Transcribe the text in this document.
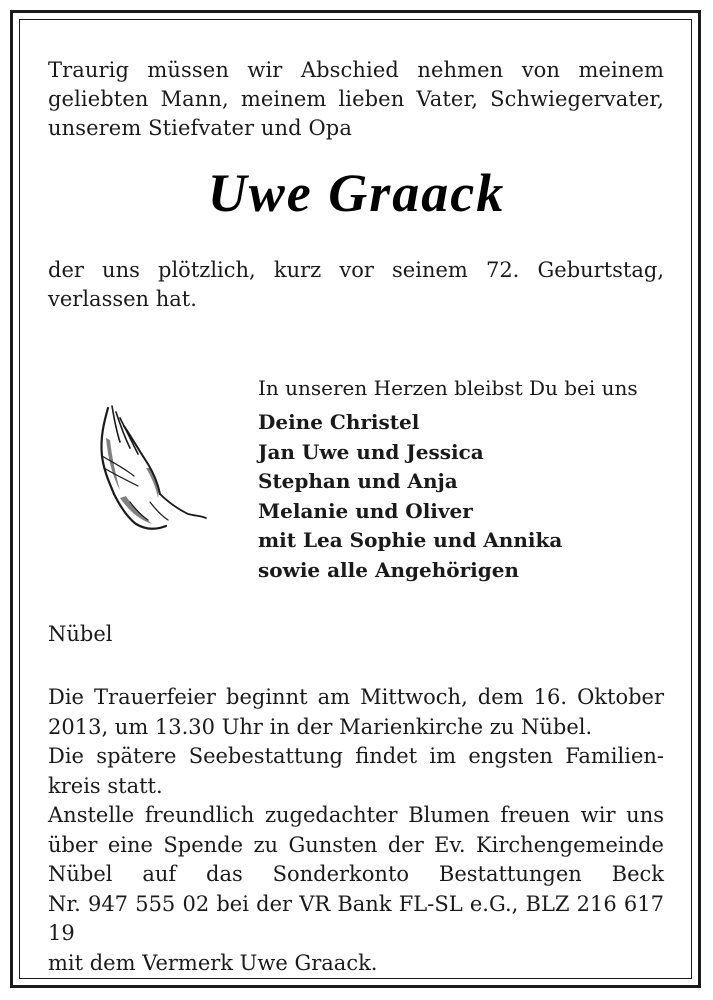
Traurig müssen wir Abschied nehmen von meinem
geliebten Mann, meinem lieben Vater, Schwiegervater,
unserem Stiefvater und Opa
Uwe Graack
der uns plötzlich, kurz vor seinem 72. Geburtstag,
verlassen hat.
In unseren Herzen bleibst Du bei uns
Deine Christel
Jan Uwe und Jessica
Stephan und Anja
Melanie und Oliver
mit Lea Sophie und Annika
sowie alle Angehörigen
Nübel
Die Trauerfeier beginnt am Mittwoch, dem 16. Oktober
2013, um 13.30 Uhr in der Marienkirche zu Nübel.
Die spätere Seebestattung findet im engsten Familien-
kreis statt.
Anstelle freundlich zugedachter Blumen freuen wir uns
über eine Spende zu Gunsten der Ev. Kirchengemeinde
Nübel auf das Sonderkonto Bestattungen Beck
Nr. 947 555 02 bei der VR Bank FL-SL e.G., BLZ 216 617 19
mit dem Vermerk Uwe Graack.
